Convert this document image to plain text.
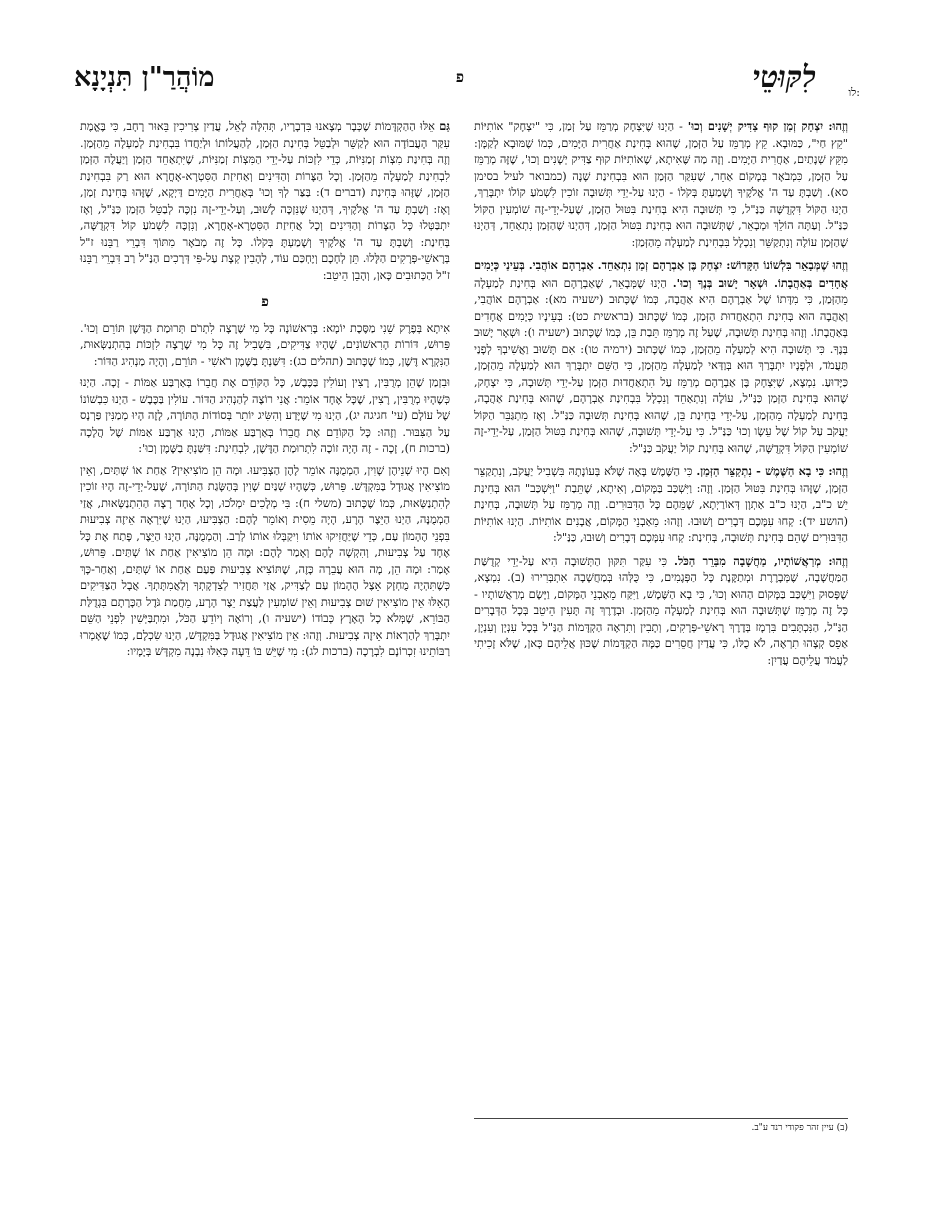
מוֹהֲרַ"ן תִּנְיָנָא	פ	לִקּוּטֵי	לו:

וְזֶהוּ: יִצְחָק זְמַן קוּף צַדִּיק יְשָׁנִים וְכוּ' - הַיְנוּ שֶׁיִּצְחָק מְרַמֵּז עַל זְמַן, כִּי "יִצְחָק" אוֹתִיּוֹת "קֵץ חַי", כַּמּוּבָא. קֵץ מְרַמֵּז עַל הַזְּמַן, שֶׁהוּא בְּחִינַת אַחֲרִית הַיָּמִים, כְּמוֹ שֶׁמּוּבָא לְקַמָּן: מִקֵּץ שְׁנָתַיִם, אַחֲרִית הַיָּמִים. וְזֶה מַה שֶּׁאִיתָא, שֶׁאוֹתִיּוֹת קוּף צַדִּיק יְשָׁנִים וְכוּ', שֶׁזֶּה מְרַמֵּז עַל הַזְּמַן, כִּמְבֹאָר בְּמָקוֹם אַחֵר, שֶׁעִקַּר הַזְּמַן הוּא בִּבְחִינַת שָׁנָה (כמבואר לעיל בסימן סא). וְשַׁבְתָּ עַד ה' אֱלֹקֶיךָ וְשָׁמַעְתָּ בְּקֹלוֹ - הַיְנוּ עַל-יְדֵי תְּשׁוּבָה זוֹכִין לִשְׁמֹעַ קוֹלוֹ יִתְבָּרַךְ, הַיְנוּ הַקּוֹל דִּקְדֻשָּׁה כַּנַּ"ל, כִּי תְּשׁוּבָה הִיא בְּחִינַת בִּטּוּל הַזְּמַן, שֶׁעַל-יְדֵי-זֶה שׁוֹמְעִין הַקּוֹל כַּנַּ"ל. וְעַתָּה הוֹלֵךְ וּמְבָאֵר, שֶׁתְּשׁוּבָה הוּא בְּחִינַת בִּטּוּל הַזְּמַן, דְּהַיְנוּ שֶׁהַזְּמַן נִתְאַחֵד, דְּהַיְנוּ שֶׁהַזְּמַן עוֹלֶה וְנִתְקַשֵּׁר וְנִכְלָל בִּבְחִינַת לְמַעְלָה מֵהַזְּמַן:

וְזֶהוּ שֶׁמְּבָאֵר בִּלְשׁוֹנוֹ הַקָּדוֹשׁ: יִצְחָק בֶּן אַבְרָהָם זְמַן נִתְאַחֵד. אַבְרָהָם אוֹהֲבִי. בְּעֵינַי כְּיָמִים אֲחָדִים בְּאַהֲבָתוֹ. וּשְׁאָר יָשׁוּב בְּנֶךָ וְכוּ'. הַיְנוּ שֶׁמְּבָאֵר, שֶׁאַבְרָהָם הוּא בְּחִינַת לְמַעְלָה מֵהַזְּמַן, כִּי מִדָּתוֹ שֶׁל אַבְרָהָם הִיא אַהֲבָה, כְּמוֹ שֶׁכָּתוּב (ישעיה מא): אַבְרָהָם אוֹהֲבִי, וְאַהֲבָה הוּא בְּחִינַת הִתְאַחֲדוּת הַזְּמַן, כְּמוֹ שֶׁכָּתוּב (בראשית כט): בְּעֵינָיו כְּיָמִים אֲחָדִים בְּאַהֲבָתוֹ. וְזֶהוּ בְּחִינַת תְּשׁוּבָה, שֶׁעַל זֶה מְרַמֵּז תֵּבַת בֵּן, כְּמוֹ שֶׁכָּתוּב (ישעיה ו): וּשְׁאָר יָשׁוּב בְּנֶךָ. כִּי תְּשׁוּבָה הִיא לְמַעְלָה מֵהַזְּמַן, כְּמוֹ שֶׁכָּתוּב (ירמיה טו): אִם תָּשׁוּב וַאֲשִׁיבְךָ לְפָנַי תַּעֲמֹד, וּלְפָנָיו יִתְבָּרַךְ הוּא בְּוַדַּאי לְמַעְלָה מֵהַזְּמַן, כִּי הַשֵּׁם יִתְבָּרַךְ הוּא לְמַעְלָה מֵהַזְּמַן, כַּיָּדוּעַ. נִמְצָא, שֶׁיִּצְחָק בֶּן אַבְרָהָם מְרַמֵּז עַל הִתְאַחֲדוּת הַזְּמַן עַל-יְדֵי תְּשׁוּבָה, כִּי יִצְחָק, שֶׁהוּא בְּחִינַת הַזְּמַן כַּנַּ"ל, עוֹלֶה וְנִתְאַחֵד וְנִכְלָל בִּבְחִינַת אַבְרָהָם, שֶׁהוּא בְּחִינַת אַהֲבָה, בְּחִינַת לְמַעְלָה מֵהַזְּמַן, עַל-יְדֵי בְּחִינַת בֵּן, שֶׁהוּא בְּחִינַת תְּשׁוּבָה כַּנַּ"ל. וְאָז מִתְגַּבֵּר הַקּוֹל יַעֲקֹב עַל קוֹל שֶׁל עֵשָׂו וְכוּ' כַּנַּ"ל. כִּי עַל-יְדֵי תְּשׁוּבָה, שֶׁהוּא בְּחִינַת בִּטּוּל הַזְּמַן, עַל-יְדֵי-זֶה שׁוֹמְעִין הַקּוֹל דִּקְדֻשָּׁה, שֶׁהוּא בְּחִינַת קוֹל יַעֲקֹב כַּנַּ"ל:

וְזֶהוּ: כִּי בָא הַשֶּׁמֶשׁ - נִתְקַצֵּר הַזְּמַן. כִּי הַשֶּׁמֶשׁ בָּאָה שֶׁלֹּא בְּעוֹנָתָהּ בִּשְׁבִיל יַעֲקֹב, וְנִתְקַצֵּר הַזְּמַן, שֶׁזֶּהוּ בְּחִינַת בִּטּוּל הַזְּמַן. וְזֶה: וַיִּשְׁכַּב בַּמָּקוֹם, וְאִיתָא, שֶׁתֵּבַת "וַיִּשְׁכַּב" הוּא בְּחִינַת יֵשׁ כ"ב, הַיְנוּ כ"ב אַתְוָן דְּאוֹרַיְתָא, שֶׁמֵּהֶם כָּל הַדִּבּוּרִים. וְזֶה מְרַמֵּז עַל תְּשׁוּבָה, בְּחִינַת (הושע יד): קְחוּ עִמָּכֶם דְּבָרִים וְשׁוּבוּ. וְזֶהוּ: מֵאַבְנֵי הַמָּקוֹם, אֲבָנִים אוֹתִיּוֹת. הַיְנוּ אוֹתִיּוֹת הַדִּבּוּרִים שֶׁהֵם בְּחִינַת תְּשׁוּבָה, בְּחִינַת: קְחוּ עִמָּכֶם דְּבָרִים וְשׁוּבוּ, כַּנַּ"ל:

וְזֶהוּ: מְרַאֲשׁוֹתָיו, מַחֲשָׁבָה מִבַּרֵר הַכֹּל. כִּי עִקַּר תִּקּוּן הַתְּשׁוּבָה הִיא עַל-יְדֵי קְדֻשַּׁת הַמַּחֲשָׁבָה, שֶׁמְּבָרֶרֶת וּמְתַקֶּנֶת כָּל הַפְּגָמִים, כִּי כֻּלְּהוּ בְּמַחֲשָׁבָה אִתְבְּרִירוּ (ב). נִמְצָא, שֶׁפָּסוּק וַיִּשְׁכַּב בַּמָּקוֹם הַהוּא וְכוּ', כִּי בָא הַשֶּׁמֶשׁ, וַיִּקַּח מֵאַבְנֵי הַמָּקוֹם, וַיָּשֶׂם מְרַאֲשׁוֹתָיו - כָּל זֶה מְרַמֵּז שֶׁתְּשׁוּבָה הוּא בְּחִינַת לְמַעְלָה מֵהַזְּמַן. וּבְדֶרֶךְ זֶה תָּעִין הֵיטֵב בְּכָל הַדְּבָרִים הַנַּ"ל, הַנִּכְתָּבִים בִּרְמָז בְּדֶרֶךְ רָאשֵׁי-פְּרָקִים, וְתָבִין וְתִרְאֶה הַקְדָּמוֹת הַנַּ"ל בְּכָל עִנְיָן וְעִנְיָן, אַפֵס קְצָהוּ תִרְאֶה, לֹא כֻלּוֹ, כִּי עֲדַיִן חֲסֵרִים כַּמָּה הַקְדָּמוֹת שֶׁכּוּן אֲלֵיהֶם כָּאן, שֶׁלֹּא זָכִיתִי לַעֲמֹד עֲלֵיהֶם עֲדַיִן:

גַּם אֵלּוּ הַהַקְדָּמוֹת שֶׁכְּבָר מְצָאנוּ בִּדְבָרָיו, תְּהִלָּה לָאֵל, עֲדַיִן צְרִיכִין בֵּאוּר רָחָב, כִּי בֶּאֱמֶת עִקַּר הָעֲבוֹדָה הוּא לְקַשֵּׁר וּלְבַטֵּל בְּחִינַת הַזְּמַן, לְהַעֲלוֹתוֹ וּלְיַחֲדוֹ בִּבְחִינַת לְמַעְלָה מֵהַזְּמַן. וְזֶה בְּחִינַת מִצְוֹת זְמַנִּיּוֹת, כְּדֵי לִזְכּוֹת עַל-יְדֵי הַמִּצְוֹת זְמַנִּיּוֹת, שֶׁיִּתְאַחֵד הַזְּמַן וְיַעֲלֶה הַזְּמַן לִבְחִינַת לְמַעְלָה מֵהַזְּמַן. וְכָל הַצָּרוֹת וְהַדִּינִים וְאַחִיזַת הַסִּטְרָא-אָחֳרָא הוּא רַק בִּבְחִינַת הַזְּמַן, שֶׁזֶּהוּ בְּחִינַת (דברים ד): בַּצַּר לְךָ וְכוּ' בְּאַחֲרִית הַיָּמִים דַּיְקָא, שֶׁזֶּהוּ בְּחִינַת זְמַן, וְאָז: וְשַׁבְתָּ עַד ה' אֱלֹקֶיךָ, דְּהַיְנוּ שֶׁנִּזְכֶּה לָשׁוּב, וְעַל-יְדֵי-זֶה נִזְכֶּה לְבַטֵּל הַזְּמַן כַּנַּ"ל, וְאָז יִתְבַּטְּלוּ כָּל הַצָּרוֹת וְהַדִּינִים וְכָל אֲחִיזַת הַסִּטְרָא-אָחֳרָא, וְנִזְכֶּה לִשְׁמֹעַ קוֹל דִּקְדֻשָּׁה, בְּחִינַת: וְשַׁבְתָּ עַד ה' אֱלֹקֶיךָ וְשָׁמַעְתָּ בְּקֹלוֹ. כָּל זֶה מְבֹאָר מִתּוֹךְ דִּבְרֵי רַבֵּנוּ ז"ל בְּרָאשֵׁי-פְּרָקִים הַלָּלוּ. תֵּן לְחָכָם וְיֶחְכַּם עוֹד, לְהָבִין קְצָת עַל-פִּי דְּרָכִים הַנַּ"ל רַב דִּבְרֵי רַבֵּנוּ ז"ל הַכְּתוּבִים כָּאן, וְהָבֵן הֵיטֵב:

פ

אִיתָא בְּפֶרֶק שֵׁנִי מַסֶּכֶת יוֹמָא: בָּרִאשׁוֹנָה כָּל מִי שֶׁרָצָה לִתְרֹם תְּרוּמַת הַדֶּשֶׁן תּוֹרֵם וְכוּ'. פֵּרוּשׁ, דּוֹרוֹת הָרִאשׁוֹנִים, שֶׁהָיוּ צַדִּיקִים, בִּשְׁבִיל זֶה כָּל מִי שֶׁרָצָה לִזְכּוֹת בְּהִתְנַשְּׂאוּת, הַנִּקְרָא דֶּשֶׁן, כְּמוֹ שֶׁכָּתוּב (תהלים כג): דִּשַּׁנְתָּ בַשֶּׁמֶן רֹאשִׁי - תּוֹרֵם, וְהָיָה מַנְהִיג הַדּוֹר:

וּבִזְמַן שֶׁהֵן מְרֻבִּין, רָצִין וְעוֹלִין בַּכֶּבֶשׁ, כָּל הַקּוֹדֵם אֶת חֲבֵרוֹ בְּאַרְבַּע אַמּוֹת - זָכָה. הַיְנוּ כְּשֶׁהָיוּ מְרֻבִּין, רָצִין, שֶׁכָּל אֶחָד אוֹמֵר: אֲנִי רוֹצֶה לְהַנְהִיג הַדּוֹר. עוֹלִין בַּכֶּבֶשׁ - הַיְנוּ כִּבְשׁוֹנוֹ שֶׁל עוֹלָם (עי' חגיגה יג), הַיְנוּ מִי שֶׁיָּדַע וְהִשִּׂיג יוֹתֵר בְּסוֹדוֹת הַתּוֹרָה, לָזֶה הָיוּ מְמַנִּין פַּרְנָס עַל הַצִּבּוּר. וְזֶהוּ: כָּל הַקּוֹדֵם אֶת חֲבֵרוֹ בְּאַרְבַּע אַמּוֹת, הַיְנוּ אַרְבַּע אַמּוֹת שֶׁל הֲלָכָה (ברכות ח), זָכָה - זֶה הָיָה זוֹכֶה לִתְרוּמַת הַדֶּשֶׁן, לִבְחִינַת: דִּשַּׁנְתָּ בַשֶּׁמֶן וְכוּ':

וְאִם הָיוּ שְׁנֵיהֶן שָׁוִין, הַמְמֻנֶּה אוֹמֵר לָהֶן הַצְבִּיעוּ. וּמָה הֵן מוֹצִיאִין? אַחַת אוֹ שְׁתַּיִם, וְאֵין מוֹצִיאִין אֲגוּדָל בַּמִּקְדָּשׁ. פֵּרוּשׁ, כְּשֶׁהָיוּ שְׁנַיִם שָׁוִין בְּהַשָּׂגַת הַתּוֹרָה, שֶׁעַל-יְדֵי-זֶה הָיוּ זוֹכִין לְהִתְנַשְּׂאוּת, כְּמוֹ שֶׁכָּתוּב (משלי ח): בִּי מְלָכִים יִמְלֹכוּ, וְכָל אֶחָד רָצָה הַהִתְנַשְּׂאוּת, אֲזַי הַמְמֻנֶּה, הַיְנוּ הַיֵּצֶר הָרָע, הָיָה מֵסִית וְאוֹמֵר לָהֶם: הַצְבִּיעוּ, הַיְנוּ שֶׁיִּרְאֶה אֵיזֶה צְבִיעוּת בִּפְנֵי הֶהָמוֹן עַם, כְּדֵי שֶׁיַּחֲזִיקוּ אוֹתוֹ וִיקַבְּלוּ אוֹתוֹ לְרַב. וְהַמְמֻנֶּה, הַיְנוּ הַיֵּצֶר, פָּתַח אֶת כָּל אֶחָד עַל צְבִיעוּת, וְהִקְשָׁה לָהֶם וְאָמַר לָהֶם: וּמָה הֵן מוֹצִיאִין אַחַת אוֹ שְׁתַּיִם. פֵּרוּשׁ, אָמַר: וּמָה הֵן, מָה הוּא עֲבֵרָה כָּזֶה, שֶׁתּוֹצִיא צְבִיעוּת פַּעַם אַחַת אוֹ שְׁתַּיִם, וְאַחַר-כָּךְ כְּשֶׁתִּהְיֶה מֻחְזָק אֵצֶל הֶהָמוֹן עַם לְצַדִּיק, אֲזַי תַּחֲזִיר לְצִדְקָתְךָ וְלַאֲמִתָּתְךָ. אֲבָל הַצַּדִּיקִים הָאֵלּוּ אֵין מוֹצִיאִין שׁוּם צְבִיעוּת וְאֵין שׁוֹמְעִין לַעֲצַת יֵצֶר הָרָע, מֵחֲמַת גֹּדֶל הַכָּרָתָם בִּגְדֻלַּת הַבּוֹרֵא, שֶׁמְּלֹא כָל הָאָרֶץ כְּבוֹדוֹ (ישעיה ו), וְרוֹאֶה וְיוֹדֵעַ הַכֹּל, וּמִתְבַּיְּשִׁין לִפְנֵי הַשֵּׁם יִתְבָּרַךְ לְהַרְאוֹת אֵיזֶה צְבִיעוּת. וְזֶהוּ: אֵין מוֹצִיאִין אֲגוּדָל בַּמִּקְדָּשׁ, הַיְנוּ שִׂכְלָם, כְּמוֹ שֶׁאָמְרוּ רַבּוֹתֵינוּ זִכְרוֹנָם לִבְרָכָה (ברכות לג): מִי שֶׁיֵּשׁ בּוֹ דֵּעָה כְּאִלּוּ נִבְנָה מִקְדָּשׁ בְּיָמָיו:

(ב) עיין זהר פקודי רנד ע"ב.
